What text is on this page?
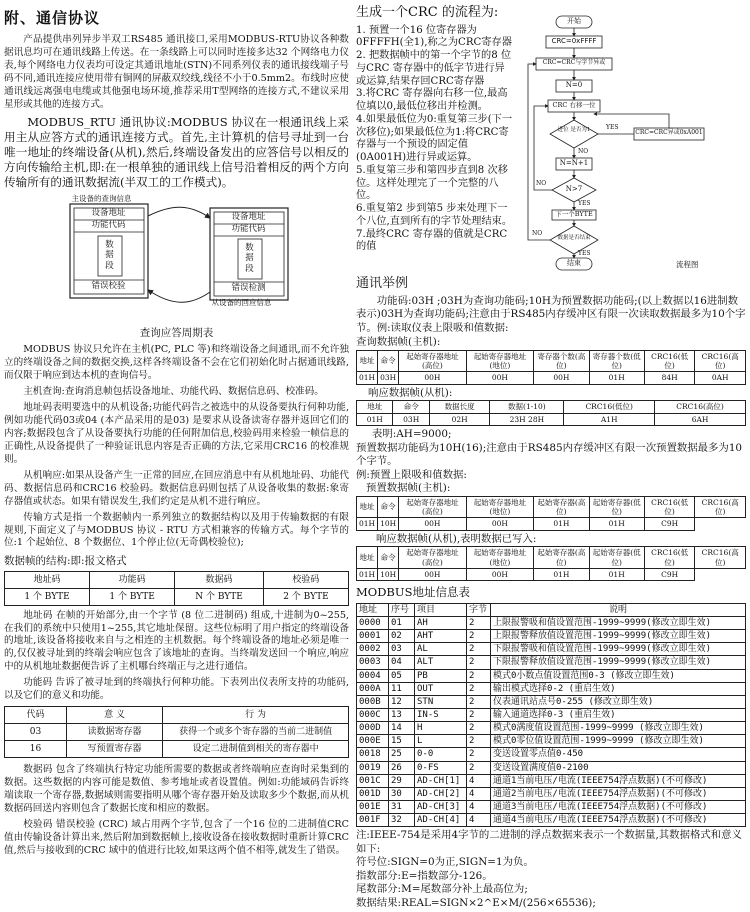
附、通信协议

产品提供串列异步半双工RS485 通讯接口,采用MODBUS-RTU协议各种数据讯息均可在通讯线路上传送。在一条线路上可以同时连接多达32 个网络电力仪表,每个网络电力仪表均可设定其通讯地址(STN)不同系列仪表的通讯接线端子号码不同,通讯连接应使用带有铜网的屏蔽双绞线,线径不小于0.5mm2。布线时应使通讯线远离强电电缆或其他强电场环境,推荐采用T型网络的连接方式,不建议采用星形或其他的连接方式。

MODBUS_RTU 通讯协议:MODBUS 协议在一根通讯线上采用主从应答方式的通讯连接方式。首先,主计算机的信号寻址到一台唯一地址的终端设备(从机),然后,终端设备发出的应答信号以相反的方向传输给主机,即:在一根单独的通讯线上信号沿着相反的两个方向传输所有的通讯数据流(半双工的工作模式)。

主设备的查询信息
从设备的回应信息
设备地址
功能代码
数据段
错误校验
设备地址
功能代码
数据段
错误检测
查询应答周期表

MODBUS 协议只允许在主机(PC, PLC 等)和终端设备之间通讯,而不允许独立的终端设备之间的数据交换,这样各终端设备不会在它们初始化时占据通讯线路,而仅限于响应到达本机的查询信号。

主机查询:查询消息帧包括设备地址、功能代码、数据信息码、校准码。

地址码表明要选中的从机设备;功能代码告之被选中的从设备要执行何种功能,例如功能代码03或04 (本产品采用的是03) 是要求从设备读寄存器并返回它们的内容;数据段包含了从设备要执行功能的任何附加信息,校验码用来检验一帧信息的正确性,从设备提供了一种验证讯息内容是否正确的方法,它采用CRC16 的校准规则。

从机响应:如果从设备产生一正常的回应,在回应消息中有从机地址码、功能代码、数据信息码和CRC16 校验码。数据信息码则包括了从设备收集的数据:象寄存器值或状态。如果有错误发生,我们约定是从机不进行响应。

传输方式是指一个数据帧内一系列独立的数据结构以及用于传输数据的有限规则,下面定义了与MODBUS 协议 - RTU 方式相兼容的传输方式。每个字节的位:1 个起始位、8 个数据位、1个停止位(无奇偶校验位);

数据帧的结构:即:报文格式
地址码	功能码	数据码	校验码
1 个 BYTE	1 个 BYTE	N 个 BYTE	2 个 BYTE

地址码 在帧的开始部分,由一个字节 (8 位二进制码) 组成,十进制为0~255, 在我们的系统中只使用1~255,其它地址保留。这些位标明了用户指定的终端设备的地址,该设备将接收来自与之相连的主机数据。每个终端设备的地址必须是唯一的,仅仅被寻址到的终端会响应包含了该地址的查询。当终端发送回一个响应,响应中的从机地址数据便告诉了主机哪台终端正与之进行通信。

功能码 告诉了被寻址到的终端执行何种功能。下表列出仪表所支持的功能码,以及它们的意义和功能。

代码	意 义	行 为
03	读数据寄存器	获得一个或多个寄存器的当前二进制值
16	写预置寄存器	设定二进制值到相关的寄存器中

数据码 包含了终端执行特定功能所需要的数据或者终端响应查询时采集到的数据。这些数据的内容可能是数值、参考地址或者设置值。例如:功能域码告诉终端读取一个寄存器,数据域则需要指明从哪个寄存器开始及读取多少个数据,而从机数据码回送内容则包含了数据长度和相应的数据。

校验码 错误校验 (CRC) 域占用两个字节,包含了一个16 位的二进制值CRC 值由传输设备计算出来,然后附加到数据帧上,接收设备在接收数据时重新计算CRC 值,然后与接收到的CRC 域中的值进行比较,如果这两个值不相等,就发生了错误。

生成一个CRC 的流程为:
1. 预置一个16 位寄存器为0FFFFH(全1),称之为CRC寄存器
2. 把数据帧中的第一个字节的8 位与CRC 寄存器中的低字节进行异或运算,结果存回CRC寄存器
3.将CRC 寄存器向右移一位,最高位填以0,最低位移出并检测。
4.如果最低位为0:重复第三步(下一次移位);如果最低位为1:将CRC寄存器与一个预设的固定值(0A001H)进行异或运算。
5.重复第三步和第四步直到8 次移位。这样处理完了一个完整的八位。
6.重复第2 步到第5 步来处理下一个八位,直到所有的字节处理结束。
7.最终CRC 寄存器的值就是CRC 的值
开始
CRC=0xFFFF
CRC=CRC与字节异或
N=0
CRC 右移一位
进位 是否为1	CRC=CRC异或0xA001
N=N+1
N>7
下一个BYTE
数据是否结束
结束
YES
NO
NO
YES
NO
YES
流程图
通讯举例
功能码:03H ;03H为查询功能码;10H为预置数据功能码;(以上数据以16进制数表示)03H为查询功能码;注意由于RS485内存缓冲区有限一次读取数据最多为10个字节。例:读取仪表上限吸和值数据:
查询数据帧(主机):
地址	命令	起始寄存器地址(高位)	起始寄存器地址(地位)	寄存器个数(高位)	寄存器个数(低位)	CRC16(低位)	CRC16(高位)
01H	03H	00H	00H	00H	01H	84H	0AH
响应数据帧(从机):
地址	命令	数据长度	数据(1-10)	CRC16(低位)	CRC16(高位)
01H	03H	02H	23H 28H	A1H	6AH
表明:AH=9000;
预置数据功能码为10H(16);注意由于RS485内存缓冲区有限一次预置数据最多为10个字节。
例:预置上限吸和值数据:
预置数据帧(主机):
地址	命令	起始寄存器地址(高位)	起始寄存器地址(地位)	起始寄存器(高位)	起始寄存器(低位)	CRC16(低位)	CRC16(高位)
01H	10H	00H	00H	01H	01H	C9H	
响应数据帧(从机),表明数据已写入:
地址	命令	起始寄存器地址(高位)	起始寄存器地址(地位)	起始寄存器(高位)	起始寄存器(低位)	CRC16(低位)	CRC16(高位)
01H	10H	00H	00H	01H	01H	C9H	
MODBUS地址信息表
地址	序号	项目	字节	说明
0000	01	AH	2	上限报警吸和值设置范围-1999~9999(修改立即生效)
0001	02	AHT	2	上限报警释放值设置范围-1999~9999(修改立即生效)
0002	03	AL	2	下限报警吸和值设置范围-1999~9999(修改立即生效)
0003	04	ALT	2	下限报警释放值设置范围-1999~9999(修改立即生效)
0004	05	PB	2	模式0小数点值设置范围0-3 (修改立即生效)
000A	11	OUT	2	输出模式选择0-2 (重启生效)
000B	12	STN	2	仪表通讯站点号0-255 (修改立即生效)
000C	13	IN-S	2	输入通道选择0-3 (重启生效)
000D	14	H	2	模式0满度值设置范围-1999~9999 (修改立即生效)
000E	15	L	2	模式0零位值设置范围-1999~9999 (修改立即生效)
0018	25	0-0	2	变送设置零点值0-450
0019	26	0-FS	2	变送设置满度值0-2100
001C	29	AD-CH[1]	4	通道1当前电压/电流(IEEE754浮点数据)(不可修改)
001D	30	AD-CH[2]	4	通道2当前电压/电流(IEEE754浮点数据)(不可修改)
001E	31	AD-CH[3]	4	通道3当前电压/电流(IEEE754浮点数据)(不可修改)
001F	32	AD-CH[4]	4	通道4当前电压/电流(IEEE754浮点数据)(不可修改)
注:IEEE-754是采用4字节的二进制的浮点数据来表示一个数据量,其数据格式和意义如下:
符号位:SIGN=0为正,SIGN=1为负。
指数部分:E=指数部分-126。
尾数部分:M=尾数部分补上最高位为;
数据结果:REAL=SIGN×2^E×M/(256×65536);
